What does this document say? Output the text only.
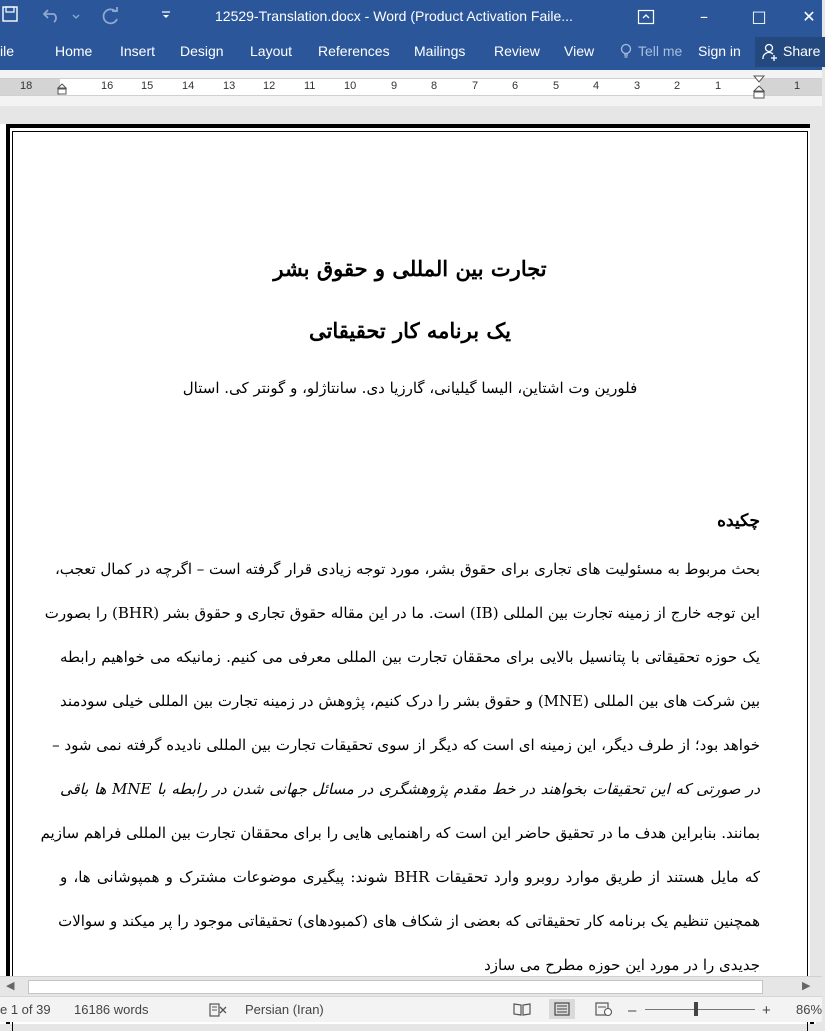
12529-Translation.docx - Word (Product Activation Faile...	–	□	✕
ile	Home Insert Design Layout References Mailings Review View	Tell me Sign in	Share
18	16	15	14	13	12	11	10	9	8	7	6	5	4	3	2	1	1
تجارت بین المللی و حقوق بشر
یک برنامه کار تحقیقاتی
فلورین وت اشتاین، الیسا گیلیانی، گارزیا دی. سانتاژلو، و گونتر کی. استال
چکیده
بحث مربوط به مسئولیت های تجاری برای حقوق بشر، مورد توجه زیادی قرار گرفته است – اگرچه در کمال تعجب،
این توجه خارج از زمینه تجارت بین المللی (IB) است. ما در این مقاله حقوق تجاری و حقوق بشر (BHR) را بصورت
یک حوزه تحقیقاتی با پتانسیل بالایی برای محققان تجارت بین المللی معرفی می کنیم. زمانیکه می خواهیم رابطه
بین شرکت های بین المللی (MNE) و حقوق بشر را درک کنیم، پژوهش در زمینه تجارت بین المللی خیلی سودمند
خواهد بود؛ از طرف دیگر، این زمینه ای است که دیگر از سوی تحقیقات تجارت بین المللی نادیده گرفته نمی شود –
در صورتی که این تحقیقات بخواهند در خط مقدم پژوهشگری در مسائل جهانی شدن در رابطه با MNE ها باقی
بمانند. بنابراین هدف ما در تحقیق حاضر این است که راهنمایی هایی را برای محققان تجارت بین المللی فراهم سازیم
که مایل هستند از طریق موارد روبرو وارد تحقیقات BHR شوند: پیگیری موضوعات مشترک و همپوشانی ها، و
همچنین تنظیم یک برنامه کار تحقیقاتی که بعضی از شکاف های (کمبودهای) تحقیقاتی موجود را پر میکند و سوالات
جدیدی را در مورد این حوزه مطرح می سازد
◀	▶
e 1 of 39 16186 words	Persian (Iran)	–	+ 86%
